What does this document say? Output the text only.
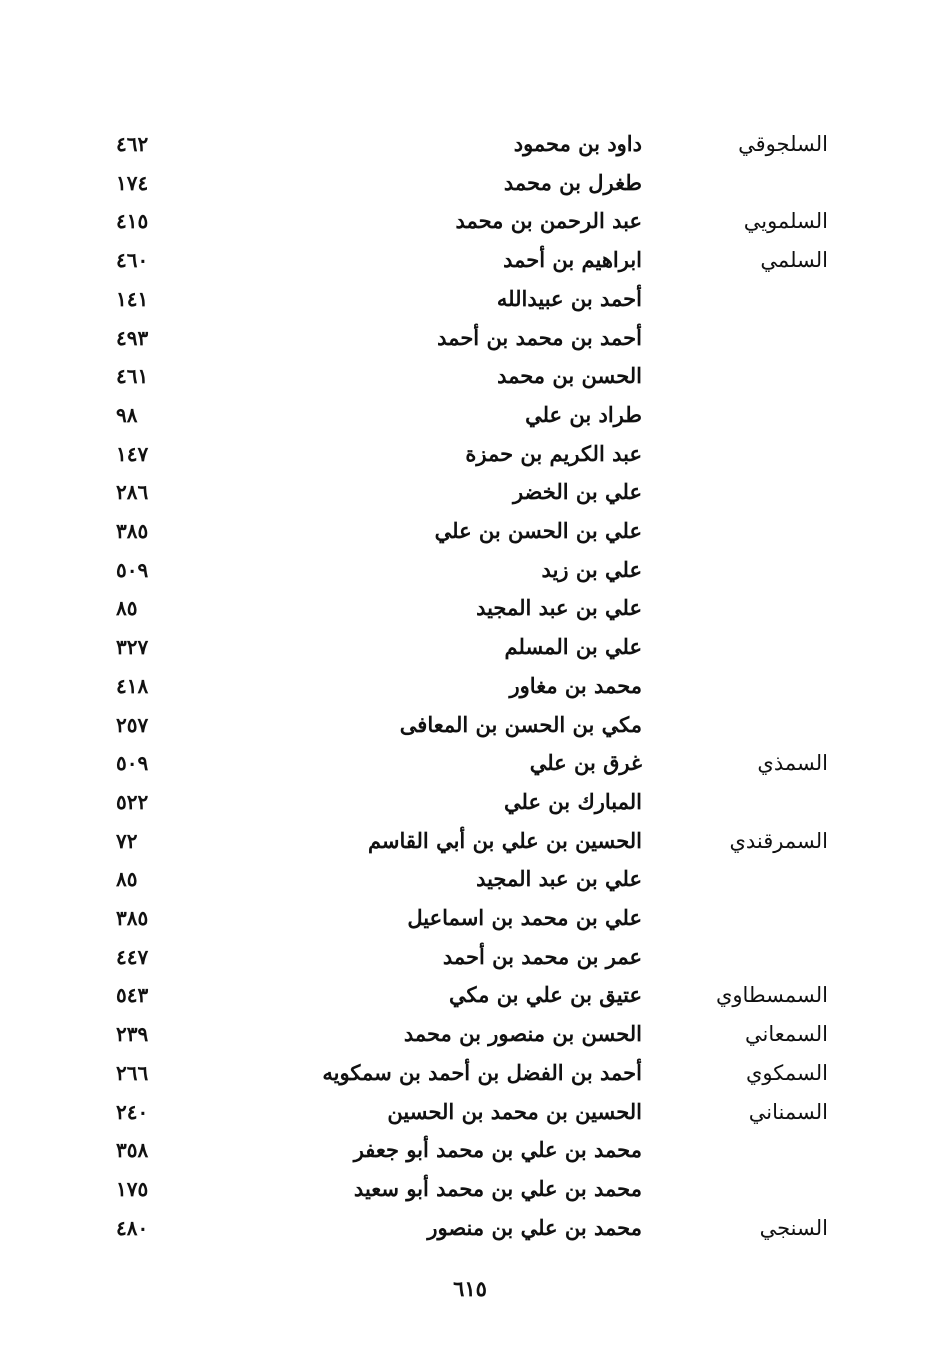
السلجوقي
داود بن محمود
٤٦٢
طغرل بن محمد
١٧٤
السلمويي
عبد الرحمن بن محمد
٤١٥
السلمي
ابراهيم بن أحمد
٤٦٠
أحمد بن عبيدالله
١٤١
أحمد بن محمد بن أحمد
٤٩٣
الحسن بن محمد
٤٦١
طراد بن علي
٩٨
عبد الكريم بن حمزة
١٤٧
علي بن الخضر
٢٨٦
علي بن الحسن بن علي
٣٨٥
علي بن زيد
٥٠٩
علي بن عبد المجيد
٨٥
علي بن المسلم
٣٢٧
محمد بن مغاور
٤١٨
مكي بن الحسن بن المعافى
٢٥٧
السمذي
غرق بن علي
٥٠٩
المبارك بن علي
٥٢٢
السمرقندي
الحسين بن علي بن أبي القاسم
٧٢
علي بن عبد المجيد
٨٥
علي بن محمد بن اسماعيل
٣٨٥
عمر بن محمد بن أحمد
٤٤٧
السمسطاوي
عتيق بن علي بن مكي
٥٤٣
السمعاني
الحسن بن منصور بن محمد
٢٣٩
السمكوي
أحمد بن الفضل بن أحمد بن سمكويه
٢٦٦
السمناني
الحسين بن محمد بن الحسين
٢٤٠
محمد بن علي بن محمد أبو جعفر
٣٥٨
محمد بن علي بن محمد أبو سعيد
١٧٥
السنجي
محمد بن علي بن منصور
٤٨٠
٦١٥
